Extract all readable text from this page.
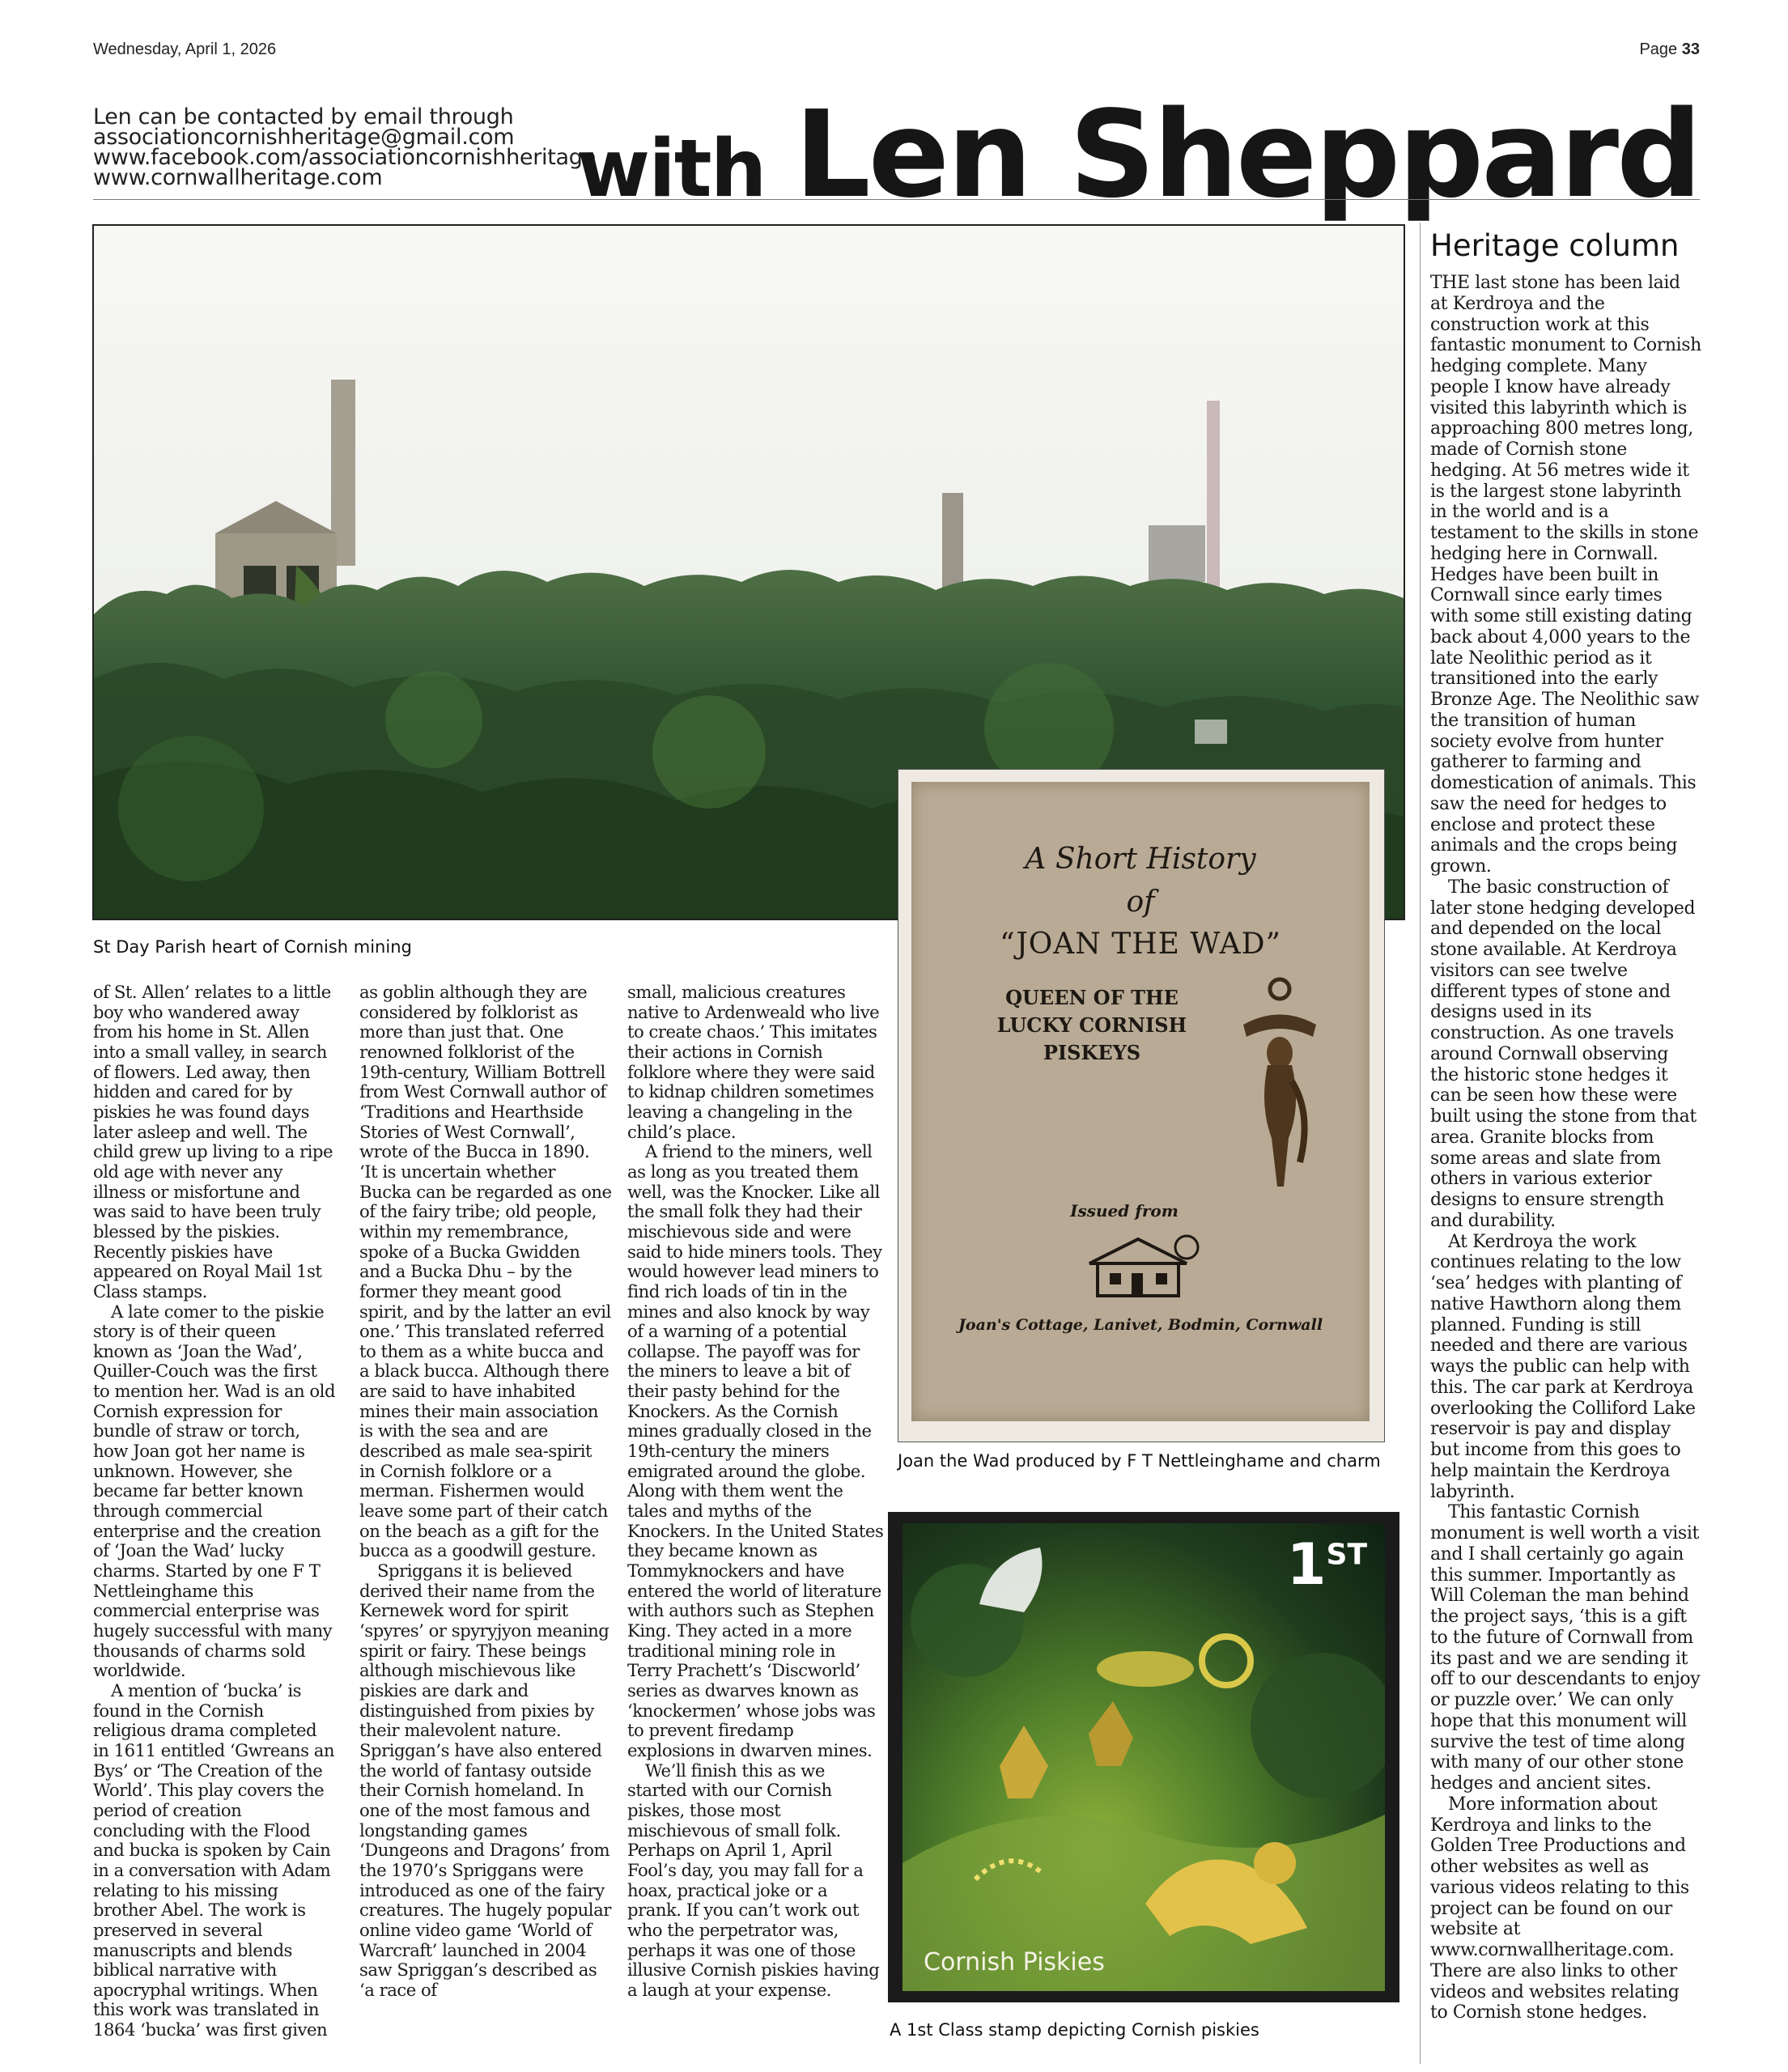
Wednesday, April 1, 2026	Page 33
Len can be contacted by email through
associationcornishheritage@gmail.com
www.facebook.com/associationcornishheritage
www.cornwallheritage.com	with Len Sheppard
St Day Parish heart of Cornish mining
A Short History
of
“JOAN THE WAD”
QUEEN OF THE
LUCKY CORNISH
PISKEYS
Issued from
Joan's Cottage, Lanivet, Bodmin, Cornwall
Joan the Wad produced by F T Nettleinghame and charm
1ST
Cornish Piskies
A 1st Class stamp depicting Cornish piskies

of St. Allen’ relates to a little boy who wandered away from his home in St. Allen into a small valley, in search of flowers. Led away, then hidden and cared for by piskies he was found days later asleep and well. The child grew up living to a ripe old age with never any illness or misfortune and was said to have been truly blessed by the piskies. Recently piskies have appeared on Royal Mail 1st Class stamps.

A late comer to the piskie story is of their queen known as ‘Joan the Wad’, Quiller-Couch was the first to mention her. Wad is an old Cornish expression for bundle of straw or torch, how Joan got her name is unknown. However, she became far better known through commercial enterprise and the creation of ‘Joan the Wad’ lucky charms. Started by one F T Nettleinghame this commercial enterprise was hugely successful with many thousands of charms sold worldwide.

A mention of ‘bucka’ is found in the Cornish religious drama completed in 1611 entitled ‘Gwreans an Bys’ or ‘The Creation of the World’. This play covers the period of creation concluding with the Flood and bucka is spoken by Cain in a conversation with Adam relating to his missing brother Abel. The work is preserved in several manuscripts and blends biblical narrative with apocryphal writings. When this work was translated in 1864 ‘bucka’ was first given

as goblin although they are considered by folklorist as more than just that. One renowned folklorist of the 19th-century, William Bottrell from West Cornwall author of ‘Traditions and Hearthside Stories of West Cornwall’, wrote of the Bucca in 1890. ‘It is uncertain whether Bucka can be regarded as one of the fairy tribe; old people, within my remembrance, spoke of a Bucka Gwidden and a Bucka Dhu – by the former they meant good spirit, and by the latter an evil one.’ This translated referred to them as a white bucca and a black bucca. Although there are said to have inhabited mines their main association is with the sea and are described as male sea-spirit in Cornish folklore or a merman. Fishermen would leave some part of their catch on the beach as a gift for the bucca as a goodwill gesture.

Spriggans it is believed derived their name from the Kernewek word for spirit ‘spyres’ or spyryjyon meaning spirit or fairy. These beings although mischievous like piskies are dark and distinguished from pixies by their malevolent nature. Spriggan’s have also entered the world of fantasy outside their Cornish homeland. In one of the most famous and longstanding games ‘Dungeons and Dragons’ from the 1970’s Spriggans were introduced as one of the fairy creatures. The hugely popular online video game ‘World of Warcraft’ launched in 2004 saw Spriggan’s described as ‘a race of

small, malicious creatures native to Ardenweald who live to create chaos.’ This imitates their actions in Cornish folklore where they were said to kidnap children sometimes leaving a changeling in the child’s place.

A friend to the miners, well as long as you treated them well, was the Knocker. Like all the small folk they had their mischievous side and were said to hide miners tools. They would however lead miners to find rich loads of tin in the mines and also knock by way of a warning of a potential collapse. The payoff was for the miners to leave a bit of their pasty behind for the Knockers. As the Cornish mines gradually closed in the 19th-century the miners emigrated around the globe. Along with them went the tales and myths of the Knockers. In the United States they became known as Tommyknockers and have entered the world of literature with authors such as Stephen King. They acted in a more traditional mining role in Terry Prachett’s ‘Discworld’ series as dwarves known as ‘knockermen’ whose jobs was to prevent firedamp explosions in dwarven mines.

We’ll finish this as we started with our Cornish piskes, those most mischievous of small folk. Perhaps on April 1, April Fool’s day, you may fall for a hoax, practical joke or a prank. If you can’t work out who the perpetrator was, perhaps it was one of those illusive Cornish piskies having a laugh at your expense.

Heritage column

THE last stone has been laid at Kerdroya and the construction work at this fantastic monument to Cornish hedging complete. Many people I know have already visited this labyrinth which is approaching 800 metres long, made of Cornish stone hedging. At 56 metres wide it is the largest stone labyrinth in the world and is a testament to the skills in stone hedging here in Cornwall. Hedges have been built in Cornwall since early times with some still existing dating back about 4,000 years to the late Neolithic period as it transitioned into the early Bronze Age. The Neolithic saw the transition of human society evolve from hunter gatherer to farming and domestication of animals. This saw the need for hedges to enclose and protect these animals and the crops being grown.

The basic construction of later stone hedging developed and depended on the local stone available. At Kerdroya visitors can see twelve different types of stone and designs used in its construction. As one travels around Cornwall observing the historic stone hedges it can be seen how these were built using the stone from that area. Granite blocks from some areas and slate from others in various exterior designs to ensure strength and durability.

At Kerdroya the work continues relating to the low ‘sea’ hedges with planting of native Hawthorn along them planned. Funding is still needed and there are various ways the public can help with this. The car park at Kerdroya overlooking the Colliford Lake reservoir is pay and display but income from this goes to help maintain the Kerdroya labyrinth.

This fantastic Cornish monument is well worth a visit and I shall certainly go again this summer. Importantly as Will Coleman the man behind the project says, ‘this is a gift to the future of Cornwall from its past and we are sending it off to our descendants to enjoy or puzzle over.’ We can only hope that this monument will survive the test of time along with many of our other stone hedges and ancient sites.

More information about Kerdroya and links to the Golden Tree Productions and other websites as well as various videos relating to this project can be found on our website at www.cornwallheritage.com. There are also links to other videos and websites relating to Cornish stone hedges.
